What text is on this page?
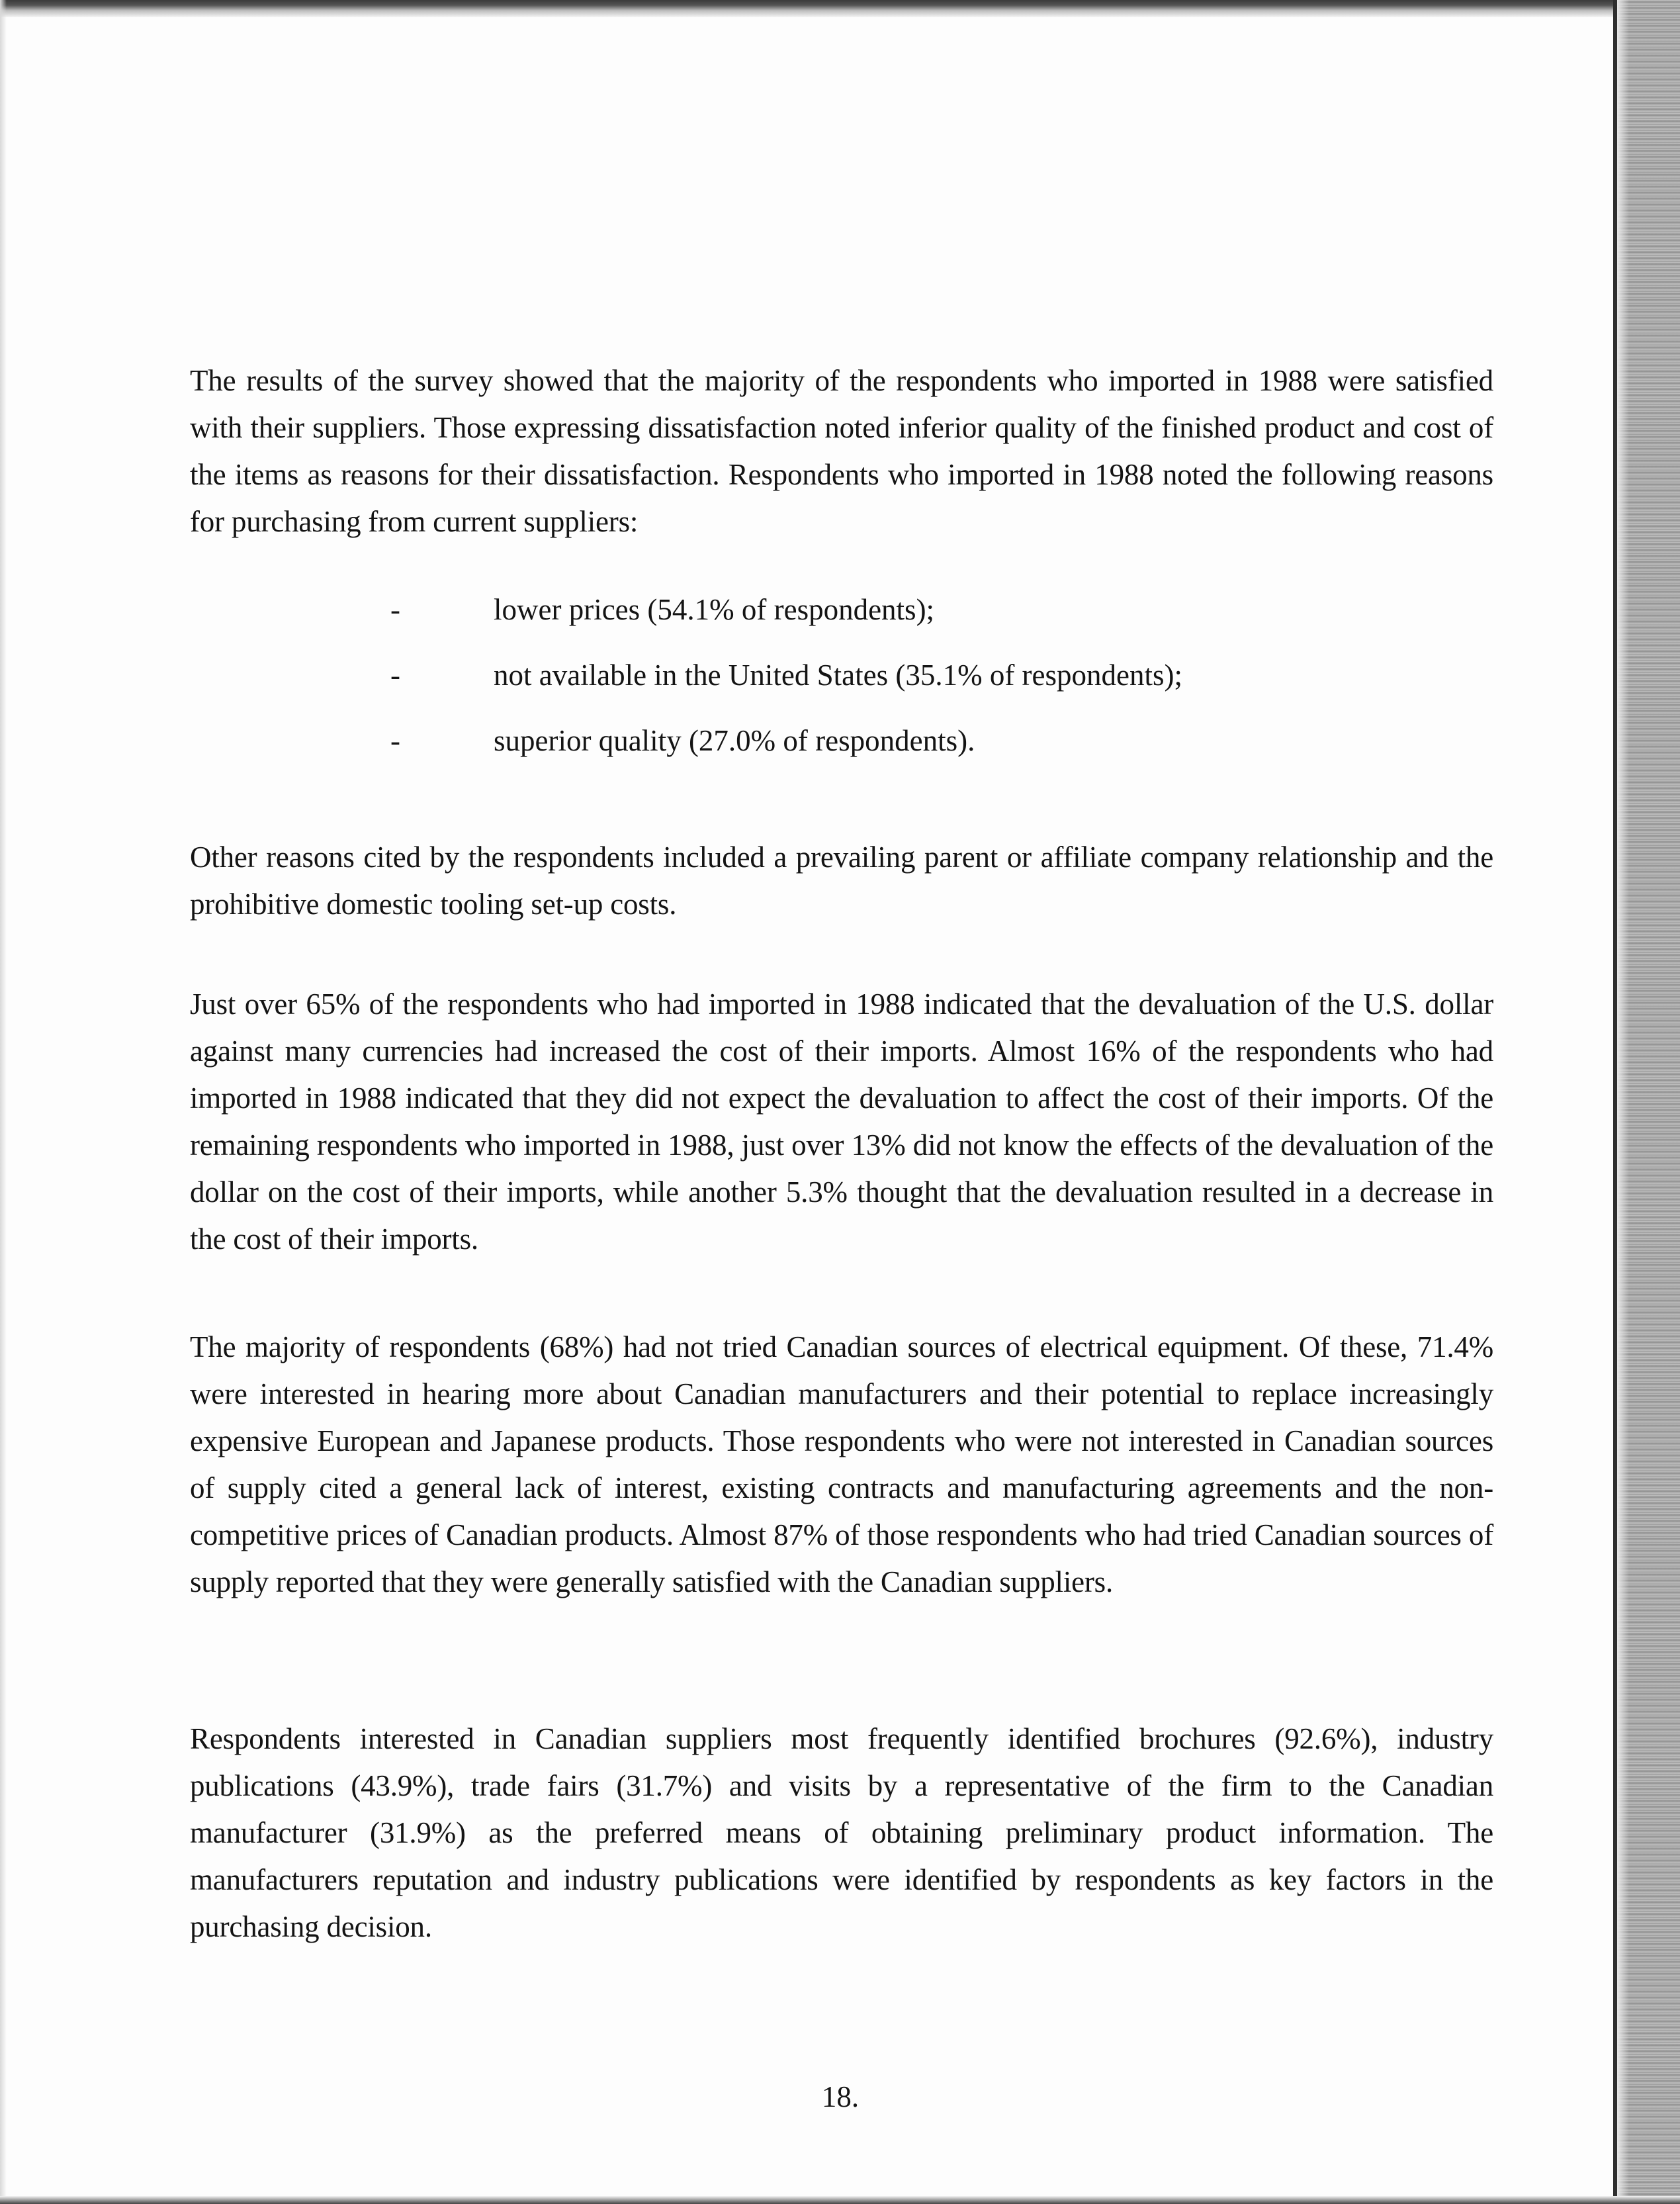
The results of the survey showed that the majority of the respondents who imported in 1988 were satisfied with their suppliers. Those expressing dissatisfaction noted inferior quality of the finished product and cost of the items as reasons for their dissatisfaction. Respondents who imported in 1988 noted the following reasons for purchasing from current suppliers:

-	lower prices (54.1% of respondents);
-	not available in the United States (35.1% of respondents);
-	superior quality (27.0% of respondents).

Other reasons cited by the respondents included a prevailing parent or affiliate company relationship and the prohibitive domestic tooling set-up costs.

Just over 65% of the respondents who had imported in 1988 indicated that the devaluation of the U.S. dollar against many currencies had increased the cost of their imports. Almost 16% of the respondents who had imported in 1988 indicated that they did not expect the devaluation to affect the cost of their imports. Of the remaining respondents who imported in 1988, just over 13% did not know the effects of the devaluation of the dollar on the cost of their imports, while another 5.3% thought that the devaluation resulted in a decrease in the cost of their imports.

The majority of respondents (68%) had not tried Canadian sources of electrical equipment. Of these, 71.4% were interested in hearing more about Canadian manufacturers and their potential to replace increasingly expensive European and Japanese products. Those respondents who were not interested in Canadian sources of supply cited a general lack of interest, existing contracts and manufacturing agreements and the non-competitive prices of Canadian products. Almost 87% of those respondents who had tried Canadian sources of supply reported that they were generally satisfied with the Canadian suppliers.

Respondents interested in Canadian suppliers most frequently identified brochures (92.6%), industry publications (43.9%), trade fairs (31.7%) and visits by a representative of the firm to the Canadian manufacturer (31.9%) as the preferred means of obtaining preliminary product information. The manufacturers reputation and industry publications were identified by respondents as key factors in the purchasing decision.

18.
